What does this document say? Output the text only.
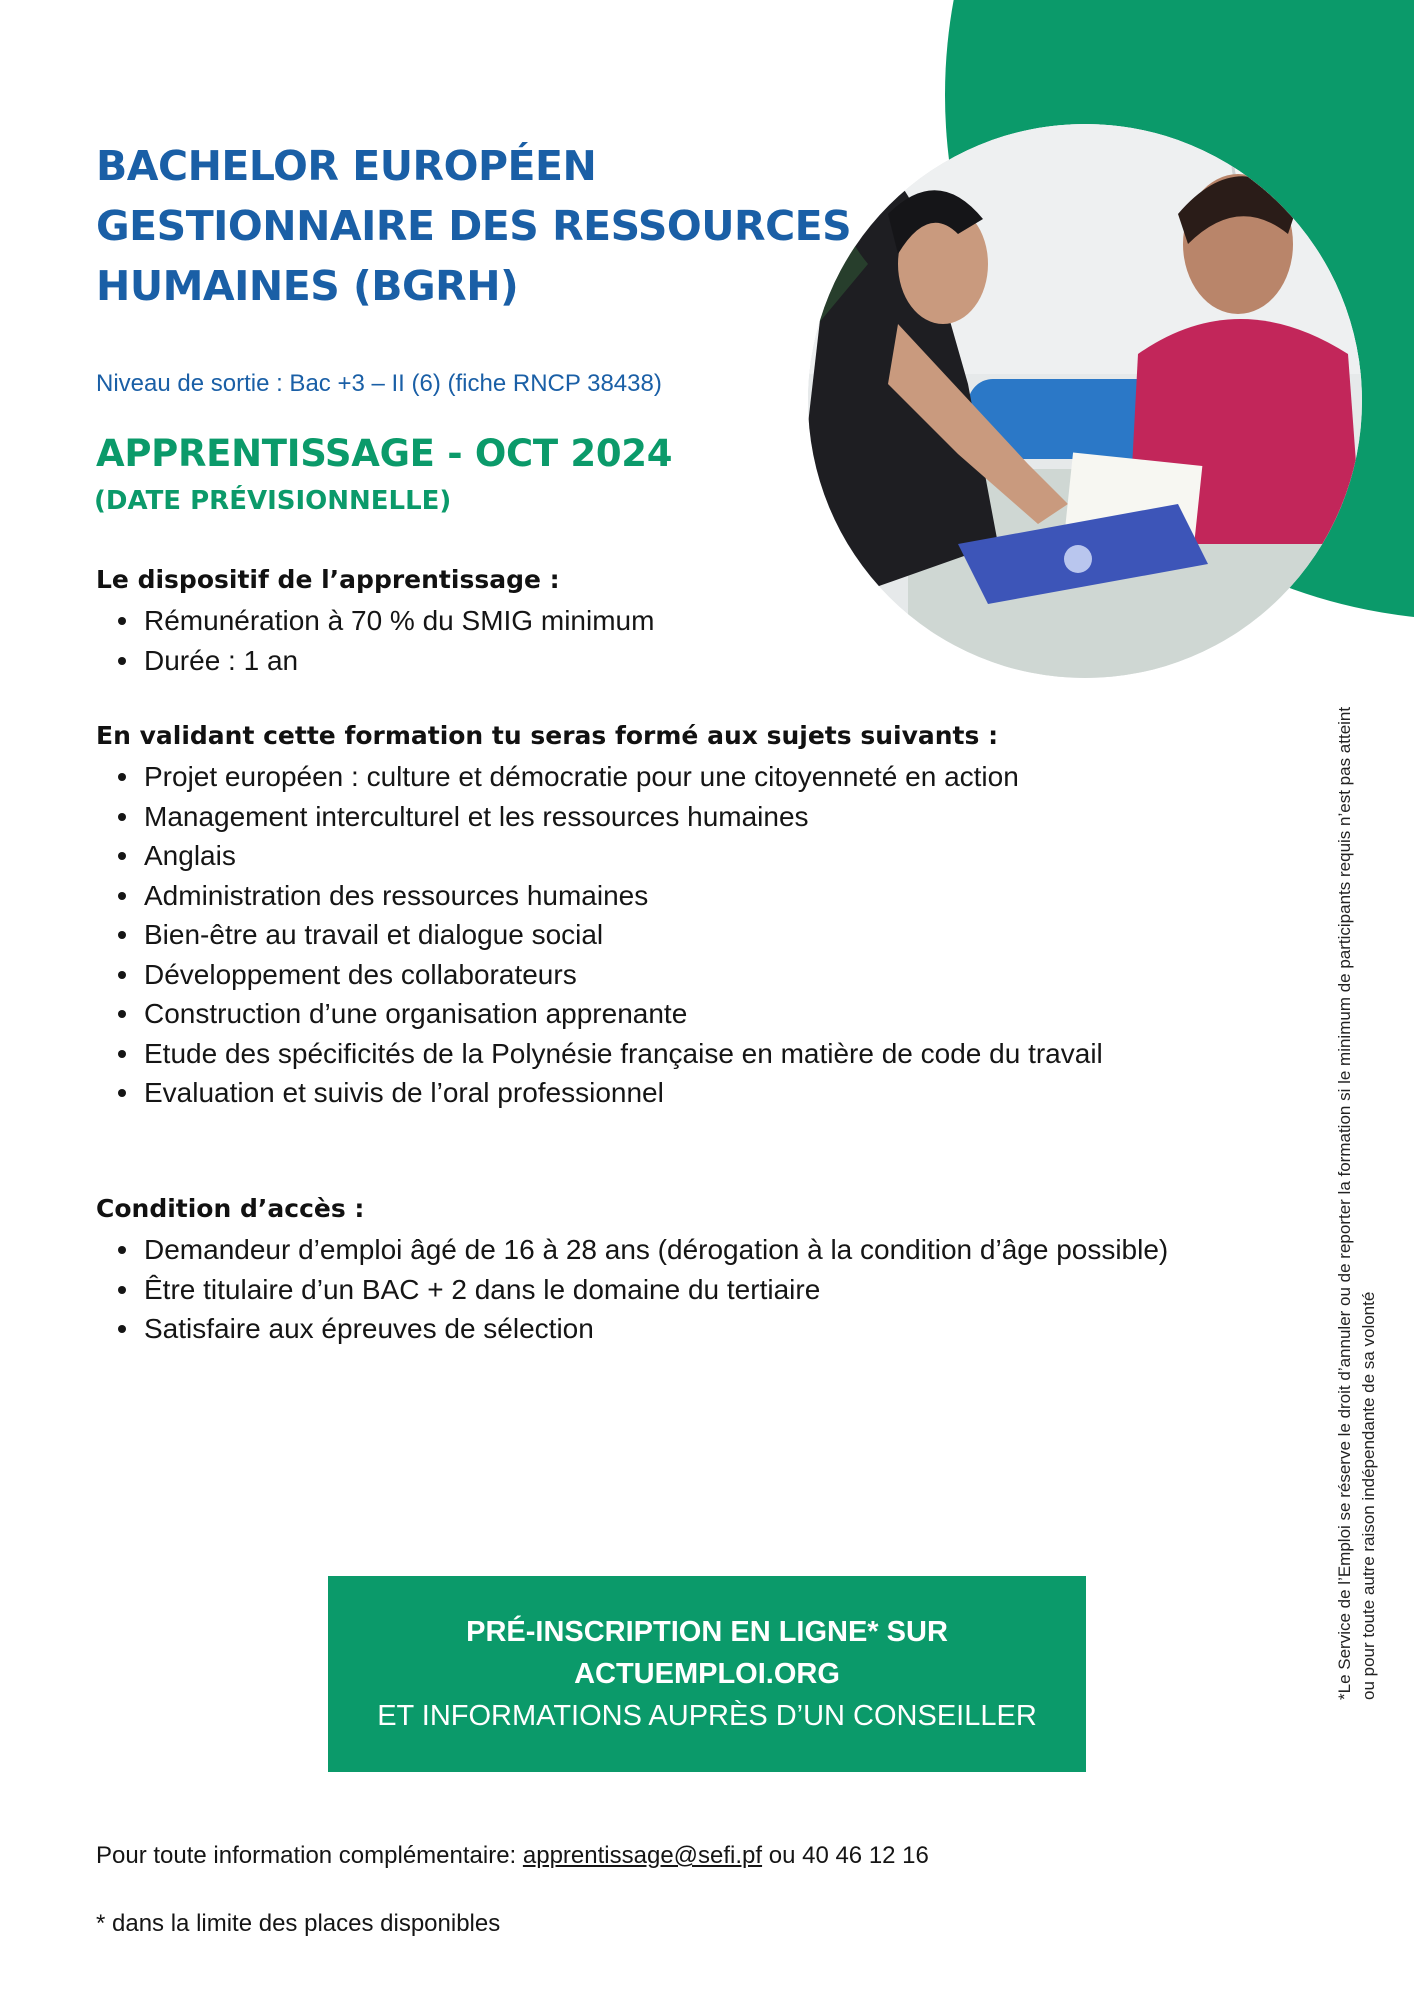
BACHELOR EUROPÉEN
GESTIONNAIRE DES RESSOURCES
HUMAINES (BGRH)
Niveau de sortie : Bac +3 – II (6) (fiche RNCP 38438)
APPRENTISSAGE - OCT 2024
(DATE PRÉVISIONNELLE)
Le dispositif de l’apprentissage :
Rémunération à 70 % du SMIG minimum
Durée : 1 an
En validant cette formation tu seras formé aux sujets suivants :
Projet européen : culture et démocratie pour une citoyenneté en action
Management interculturel et les ressources humaines
Anglais
Administration des ressources humaines
Bien-être au travail et dialogue social
Développement des collaborateurs
Construction d’une organisation apprenante
Etude des spécificités de la Polynésie française en matière de code du travail
Evaluation et suivis de l’oral professionnel
Condition d’accès :
Demandeur d’emploi âgé de 16 à 28 ans (dérogation à la condition d’âge possible)
Être titulaire d’un BAC + 2 dans le domaine du tertiaire
Satisfaire aux épreuves de sélection
PRÉ-INSCRIPTION EN LIGNE* SUR
ACTUEMPLOI.ORG
ET INFORMATIONS AUPRÈS D’UN CONSEILLER
Pour toute information complémentaire: apprentissage@sefi.pf ou 40 46 12 16
* dans la limite des places disponibles
*Le Service de l’Emploi se réserve le droit d’annuler ou de reporter la formation si le minimum de participants requis n’est pas atteint ou pour toute autre raison indépendante de sa volonté
